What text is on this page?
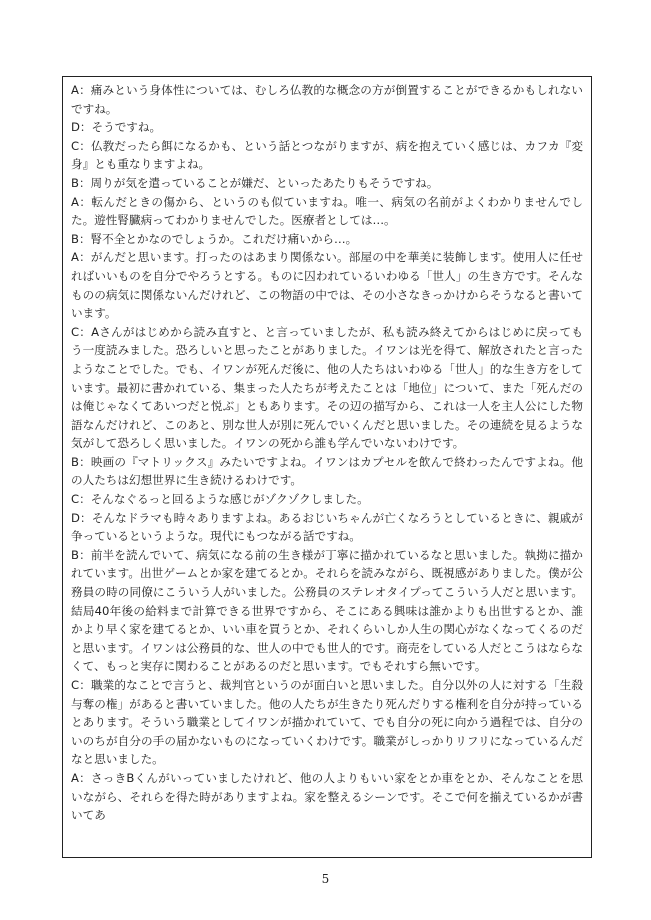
A：痛みという身体性については、むしろ仏教的な概念の方が倒置することができるかもしれないですね。

D：そうですね。

C：仏教だったら餌になるかも、という話とつながりますが、病を抱えていく感じは、カフカ『変身』とも重なりますよね。

B：周りが気を遣っていることが嫌だ、といったあたりもそうですね。

A：転んだときの傷から、というのも似ていますね。唯一、病気の名前がよくわかりませんでした。遊性腎臓病ってわかりませんでした。医療者としては…。

B：腎不全とかなのでしょうか。これだけ痛いから…。

A：がんだと思います。打ったのはあまり関係ない。部屋の中を華美に装飾します。使用人に任せればいいものを自分でやろうとする。ものに囚われているいわゆる「世人」の生き方です。そんなものの病気に関係ないんだけれど、この物語の中では、その小さなきっかけからそうなると書いています。

C：Aさんがはじめから読み直すと、と言っていましたが、私も読み終えてからはじめに戻ってもう一度読みました。恐ろしいと思ったことがありました。イワンは光を得て、解放されたと言ったようなことでした。でも、イワンが死んだ後に、他の人たちはいわゆる「世人」的な生き方をしています。最初に書かれている、集まった人たちが考えたことは「地位」について、また「死んだのは俺じゃなくてあいつだと悦ぶ」ともあります。その辺の描写から、これは一人を主人公にした物語なんだけれど、このあと、別な世人が別に死んでいくんだと思いました。その連続を見るような気がして恐ろしく思いました。イワンの死から誰も学んでいないわけです。

B：映画の『マトリックス』みたいですよね。イワンはカプセルを飲んで終わったんですよね。他の人たちは幻想世界に生き続けるわけです。

C：そんなぐるっと回るような感じがゾクゾクしました。

D：そんなドラマも時々ありますよね。あるおじいちゃんが亡くなろうとしているときに、親戚が争っているというような。現代にもつながる話ですね。

B：前半を読んでいて、病気になる前の生き様が丁寧に描かれているなと思いました。執拗に描かれています。出世ゲームとか家を建てるとか。それらを読みながら、既視感がありました。僕が公務員の時の同僚にこういう人がいました。公務員のステレオタイプってこういう人だと思います。結局40年後の給料まで計算できる世界ですから、そこにある興味は誰かよりも出世するとか、誰かより早く家を建てるとか、いい車を買うとか、それくらいしか人生の関心がなくなってくるのだと思います。イワンは公務員的な、世人の中でも世人的です。商売をしている人だとこうはならなくて、もっと実存に関わることがあるのだと思います。でもそれすら無いです。

C：職業的なことで言うと、裁判官というのが面白いと思いました。自分以外の人に対する「生殺与奪の権」があると書いていました。他の人たちが生きたり死んだりする権利を自分が持っているとあります。そういう職業としてイワンが描かれていて、でも自分の死に向かう過程では、自分のいのちが自分の手の届かないものになっていくわけです。職業がしっかりリフリになっているんだなと思いました。

A：さっきBくんがいっていましたけれど、他の人よりもいい家をとか車をとか、そんなことを思いながら、それらを得た時がありますよね。家を整えるシーンです。そこで何を揃えているかが書いてあ

5
